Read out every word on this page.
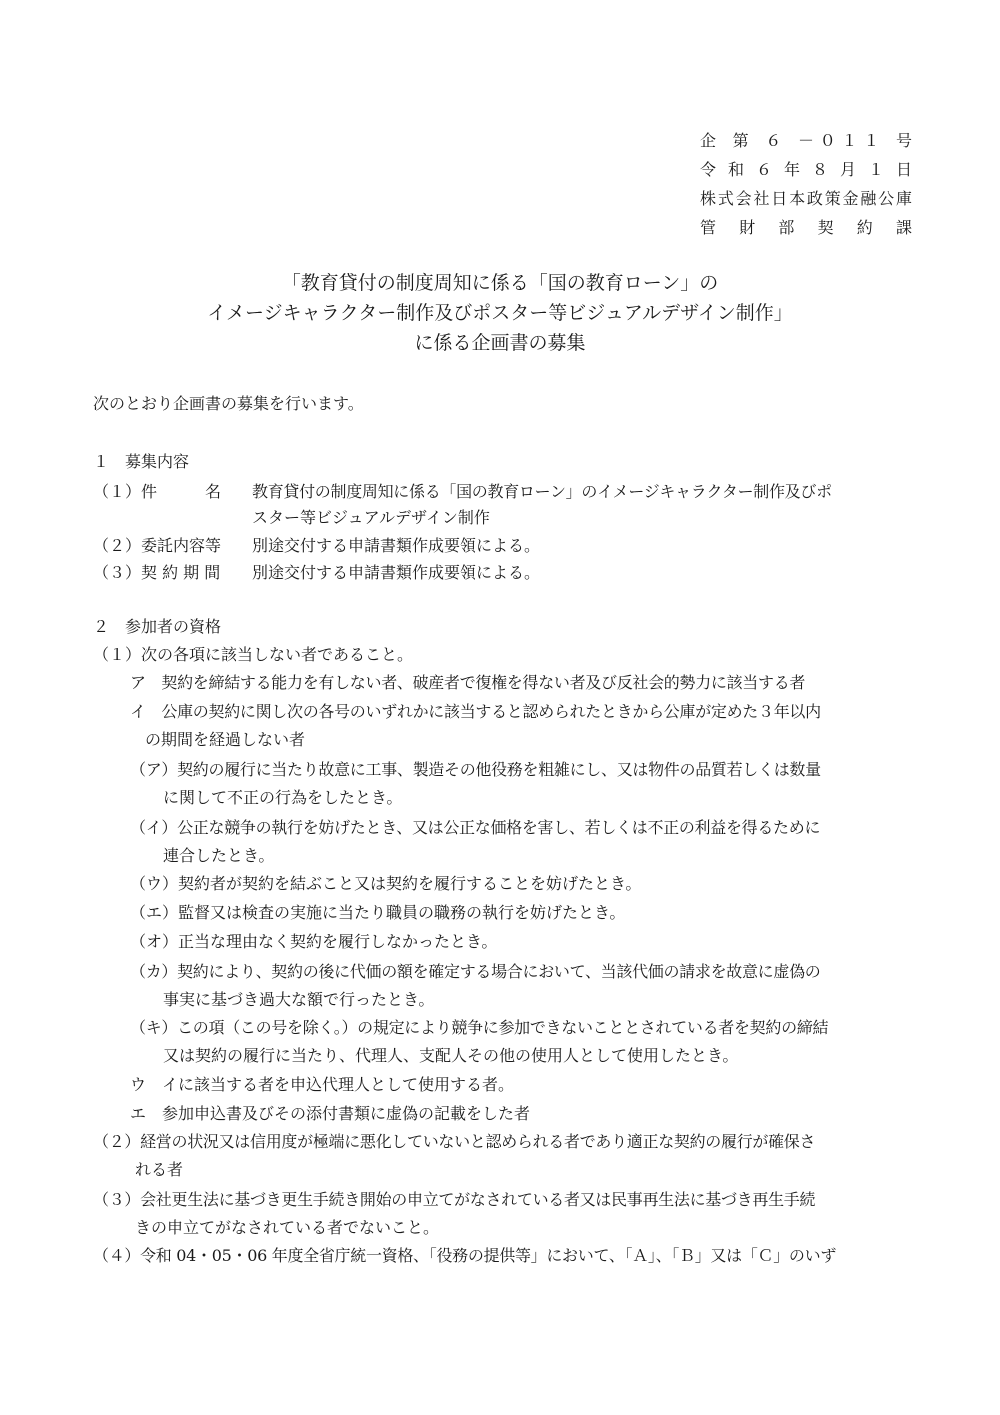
企 第 ６ －０１１ 号
令 和 ６ 年 ８ 月 １ 日
株式会社日本政策金融公庫
管 財 部 契 約 課
「教育貸付の制度周知に係る「国の教育ローン」の
イメージキャラクター制作及びポスター等ビジュアルデザイン制作」
に係る企画書の募集
次のとおり企画書の募集を行います。
１　募集内容
（１）件　　　名 教育貸付の制度周知に係る「国の教育ローン」のイメージキャラクター制作及びポ
スター等ビジュアルデザイン制作
（２）委託内容等 別途交付する申請書類作成要領による。
（３）契 約 期 間 別途交付する申請書類作成要領による。
２　参加者の資格
（１）次の各項に該当しない者であること。
ア　契約を締結する能力を有しない者、破産者で復権を得ない者及び反社会的勢力に該当する者
イ　公庫の契約に関し次の各号のいずれかに該当すると認められたときから公庫が定めた３年以内
の期間を経過しない者
（ア）契約の履行に当たり故意に工事、製造その他役務を粗雑にし、又は物件の品質若しくは数量
に関して不正の行為をしたとき。
（イ）公正な競争の執行を妨げたとき、又は公正な価格を害し、若しくは不正の利益を得るために
連合したとき。
（ウ）契約者が契約を結ぶこと又は契約を履行することを妨げたとき。
（エ）監督又は検査の実施に当たり職員の職務の執行を妨げたとき。
（オ）正当な理由なく契約を履行しなかったとき。
（カ）契約により、契約の後に代価の額を確定する場合において、当該代価の請求を故意に虚偽の
事実に基づき過大な額で行ったとき。
（キ）この項（この号を除く。）の規定により競争に参加できないこととされている者を契約の締結
又は契約の履行に当たり、代理人、支配人その他の使用人として使用したとき。
ウ　イに該当する者を申込代理人として使用する者。
エ　参加申込書及びその添付書類に虚偽の記載をした者
（２）経営の状況又は信用度が極端に悪化していないと認められる者であり適正な契約の履行が確保さ
れる者
（３）会社更生法に基づき更生手続き開始の申立てがなされている者又は民事再生法に基づき再生手続
きの申立てがなされている者でないこと。
（４）令和 04・05・06 年度全省庁統一資格、「役務の提供等」において、「Ａ」、「Ｂ」又は「Ｃ」のいず
